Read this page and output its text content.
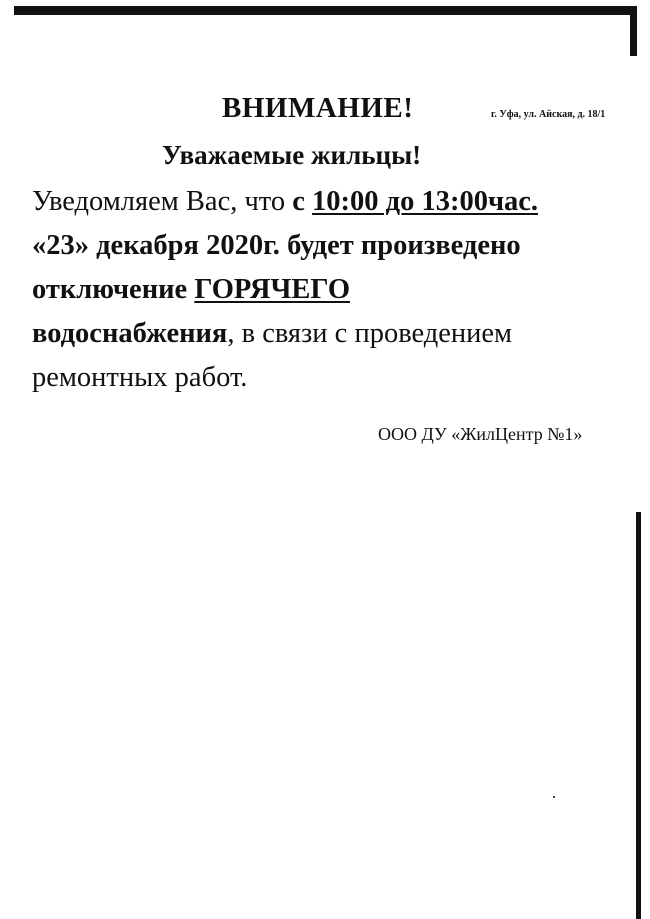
ВНИМАНИЕ!	г. Уфа, ул. Айская, д. 18/1
Уважаемые жильцы!
Уведомляем Вас, что с 10:00 до 13:00час.
«23» декабря 2020г. будет произведено
отключение ГОРЯЧЕГО
водоснабжения, в связи с проведением
ремонтных работ.
ООО ДУ «ЖилЦентр №1»
